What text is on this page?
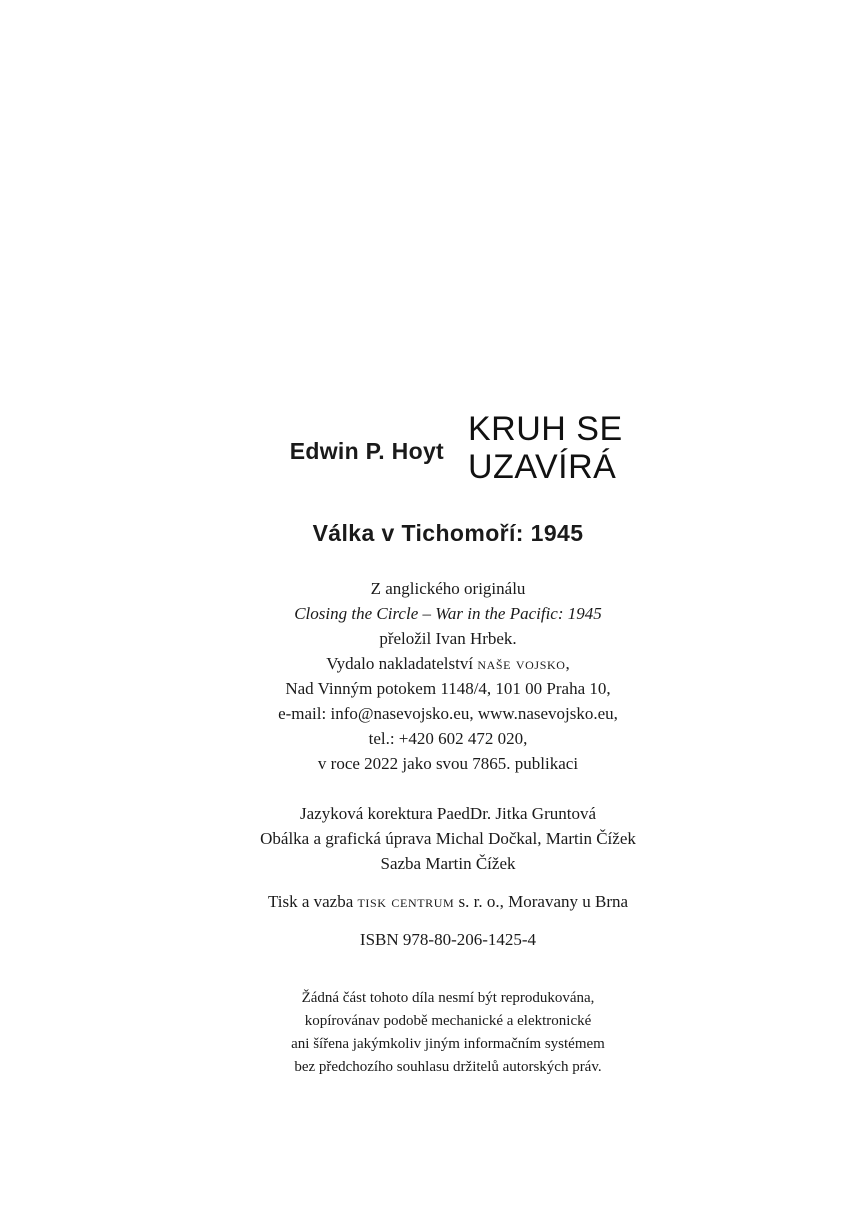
Edwin P. Hoyt
KRUH SE
UZAVÍRÁ
Válka v Tichomoří: 1945
Z anglického originálu
Closing the Circle – War in the Pacific: 1945
přeložil Ivan Hrbek.
Vydalo nakladatelství naše vojsko,
Nad Vinným potokem 1148/4, 101 00 Praha 10,
e-mail: info@nasevojsko.eu, www.nasevojsko.eu,
tel.: +420 602 472 020,
v roce 2022 jako svou 7865. publikaci
Jazyková korektura PaedDr. Jitka Gruntová
Obálka a grafická úprava Michal Dočkal, Martin Čížek
Sazba Martin Čížek
Tisk a vazba tisk centrum s. r. o., Moravany u Brna
ISBN 978-80-206-1425-4
Žádná část tohoto díla nesmí být reprodukována,
kopírovánav podobě mechanické a elektronické
ani šířena jakýmkoliv jiným informačním systémem
bez předchozího souhlasu držitelů autorských práv.
